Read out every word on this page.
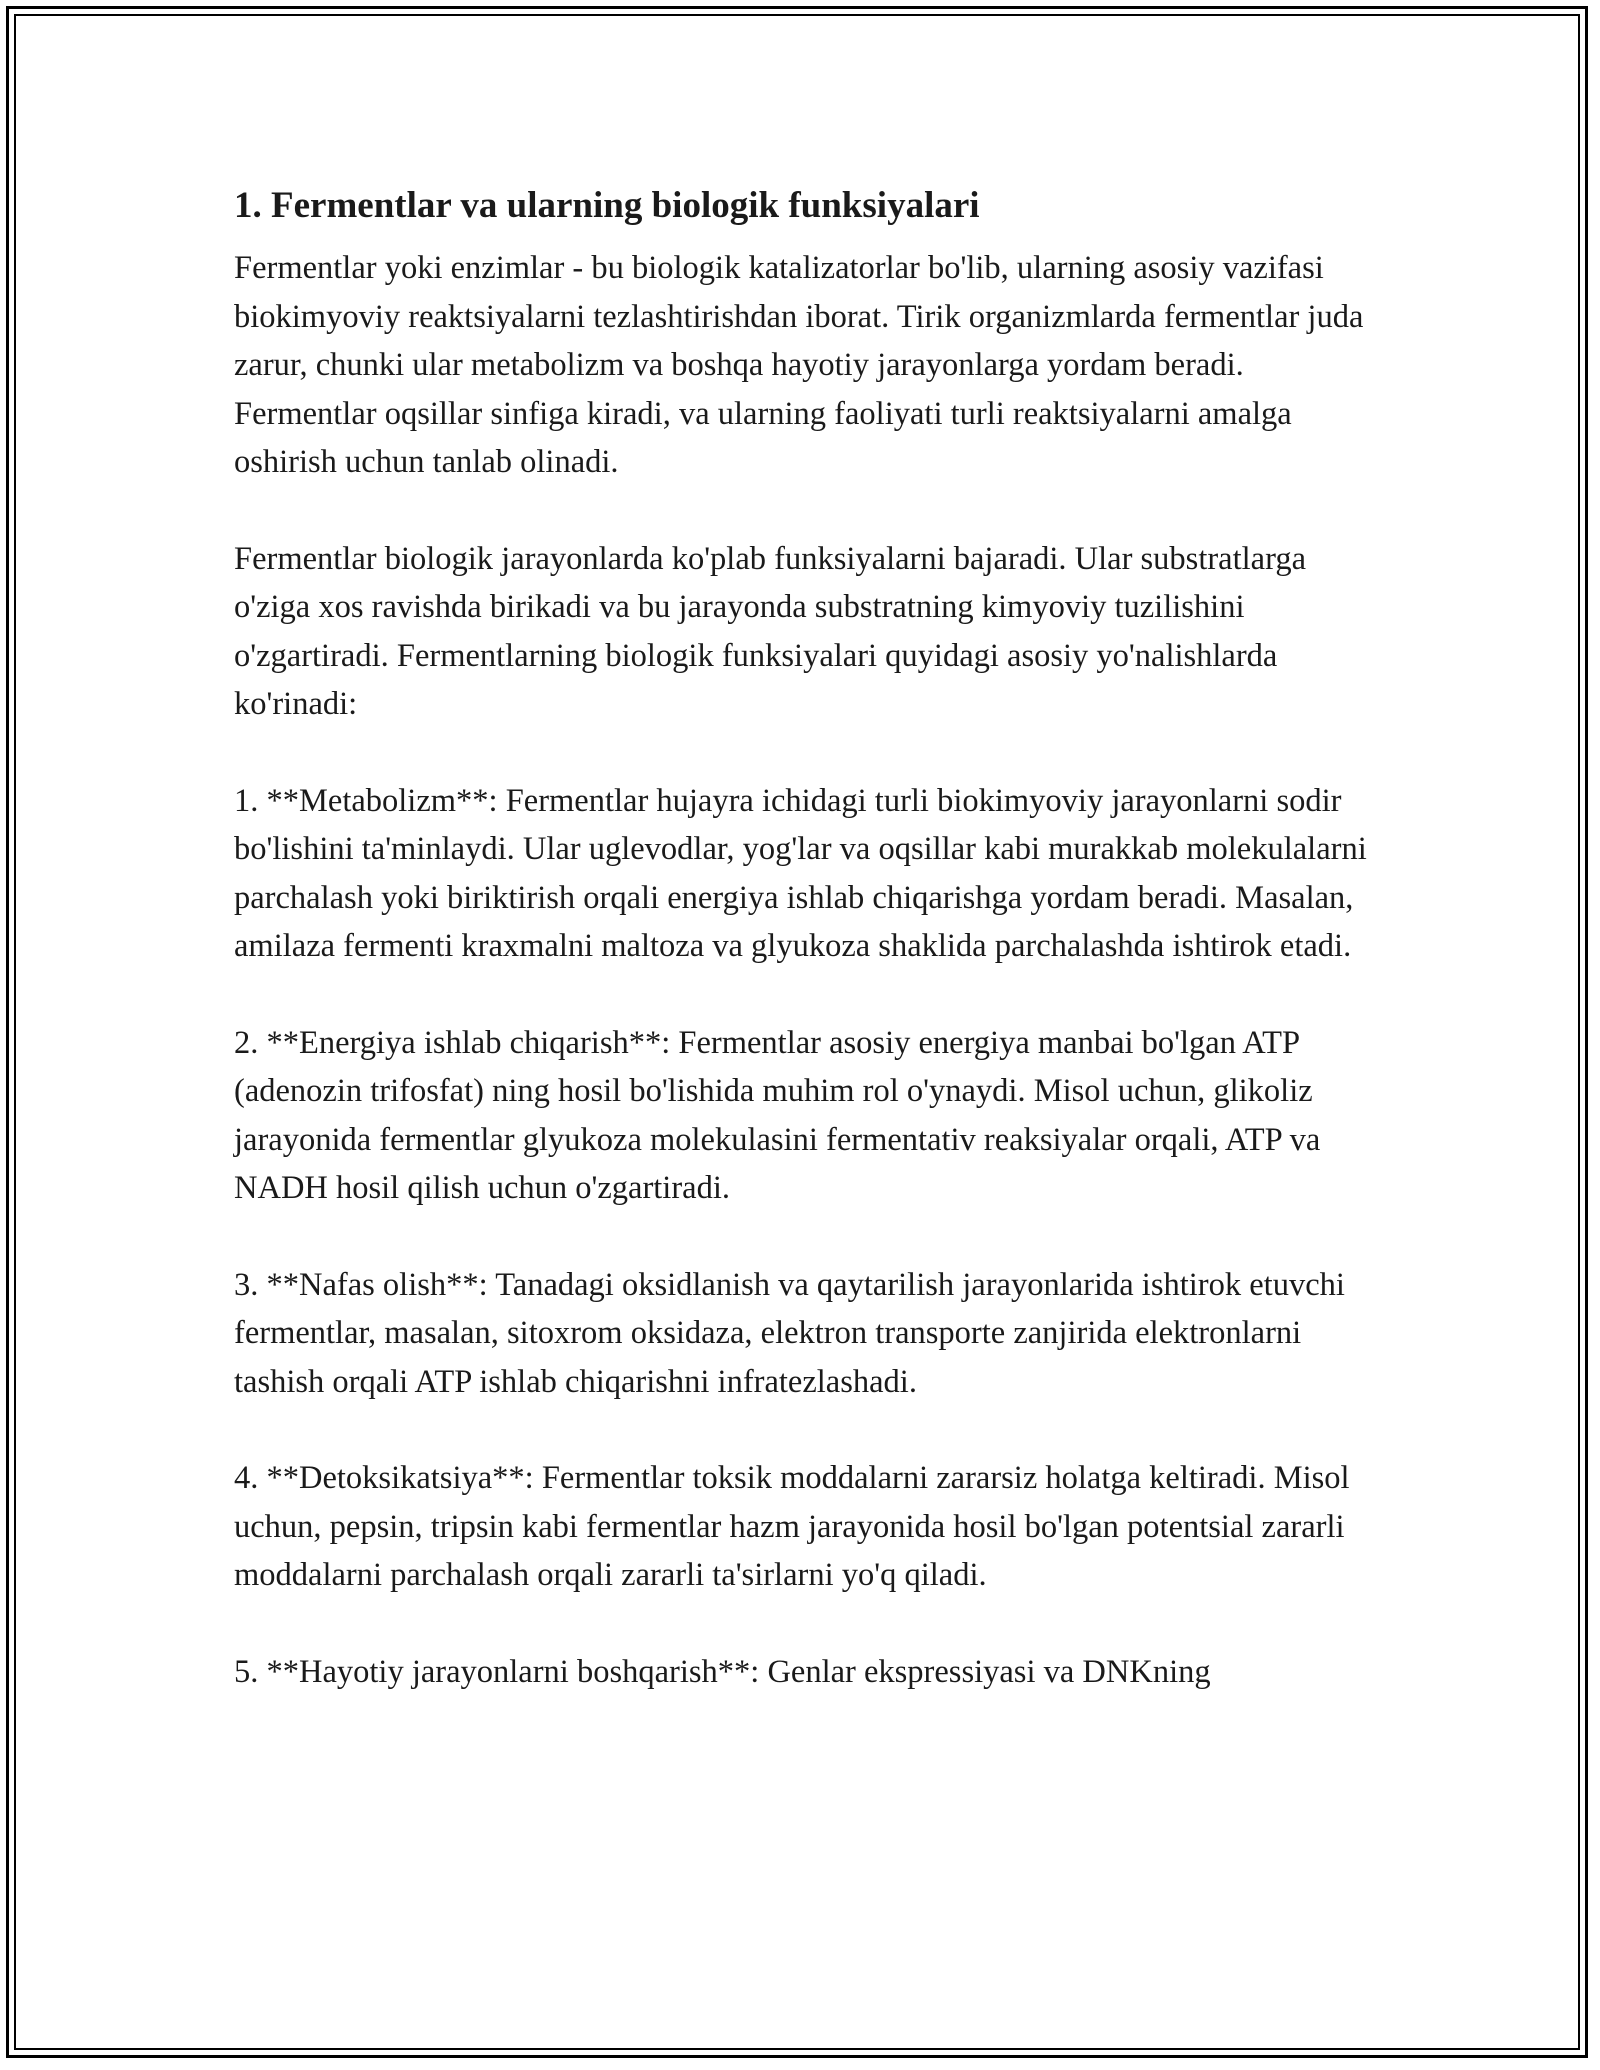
1. Fermentlar va ularning biologik funksiyalari

Fermentlar yoki enzimlar - bu biologik katalizatorlar bo'lib, ularning asosiy vazifasi biokimyoviy reaktsiyalarni tezlashtirishdan iborat. Tirik organizmlarda fermentlar juda zarur, chunki ular metabolizm va boshqa hayotiy jarayonlarga yordam beradi. Fermentlar oqsillar sinfiga kiradi, va ularning faoliyati turli reaktsiyalarni amalga oshirish uchun tanlab olinadi.

Fermentlar biologik jarayonlarda ko'plab funksiyalarni bajaradi. Ular substratlarga o'ziga xos ravishda birikadi va bu jarayonda substratning kimyoviy tuzilishini o'zgartiradi. Fermentlarning biologik funksiyalari quyidagi asosiy yo'nalishlarda ko'rinadi:

1. **Metabolizm**: Fermentlar hujayra ichidagi turli biokimyoviy jarayonlarni sodir bo'lishini ta'minlaydi. Ular uglevodlar, yog'lar va oqsillar kabi murakkab molekulalarni parchalash yoki biriktirish orqali energiya ishlab chiqarishga yordam beradi. Masalan, amilaza fermenti kraxmalni maltoza va glyukoza shaklida parchalashda ishtirok etadi.

2. **Energiya ishlab chiqarish**: Fermentlar asosiy energiya manbai bo'lgan ATP (adenozin trifosfat) ning hosil bo'lishida muhim rol o'ynaydi. Misol uchun, glikoliz jarayonida fermentlar glyukoza molekulasini fermentativ reaksiyalar orqali, ATP va NADH hosil qilish uchun o'zgartiradi.

3. **Nafas olish**: Tanadagi oksidlanish va qaytarilish jarayonlarida ishtirok etuvchi fermentlar, masalan, sitoxrom oksidaza, elektron transporte zanjirida elektronlarni tashish orqali ATP ishlab chiqarishni infratezlashadi.

4. **Detoksikatsiya**: Fermentlar toksik moddalarni zararsiz holatga keltiradi. Misol uchun, pepsin, tripsin kabi fermentlar hazm jarayonida hosil bo'lgan potentsial zararli moddalarni parchalash orqali zararli ta'sirlarni yo'q qiladi.

5. **Hayotiy jarayonlarni boshqarish**: Genlar ekspressiyasi va DNKning
